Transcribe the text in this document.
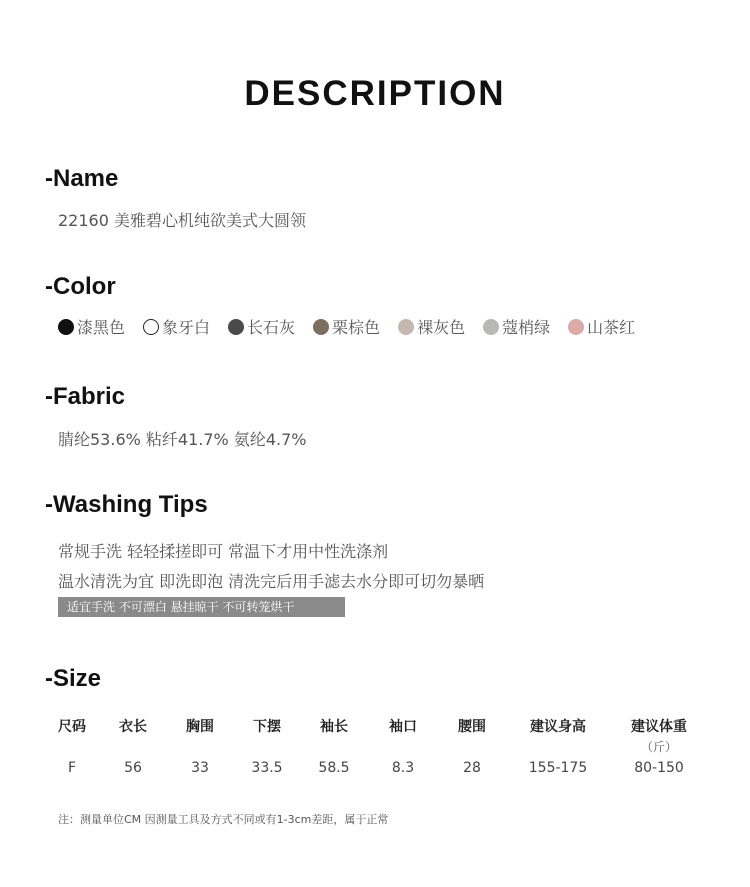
DESCRIPTION
-Name
22160 美雅碧心机纯欲美式大圆领
-Color
漆黑色 象牙白 长石灰 栗棕色 裸灰色 蔻梢绿 山茶红
-Fabric
腈纶53.6% 粘纤41.7% 氨纶4.7%
-Washing Tips
常规手洗 轻轻揉搓即可 常温下才用中性洗涤剂
温水清洗为宜 即洗即泡 清洗完后用手滤去水分即可切勿暴晒
适宜手洗 不可漂白 悬挂晾干 不可转笼烘干
-Size
尺码	衣长	胸围	下摆	袖长	袖口	腰围	建议身高	建议体重
（斤）

F	56	33	33.5	58.5	8.3	28	155-175	80-150
注：测量单位CM 因测量工具及方式不同或有1-3cm差距，属于正常
